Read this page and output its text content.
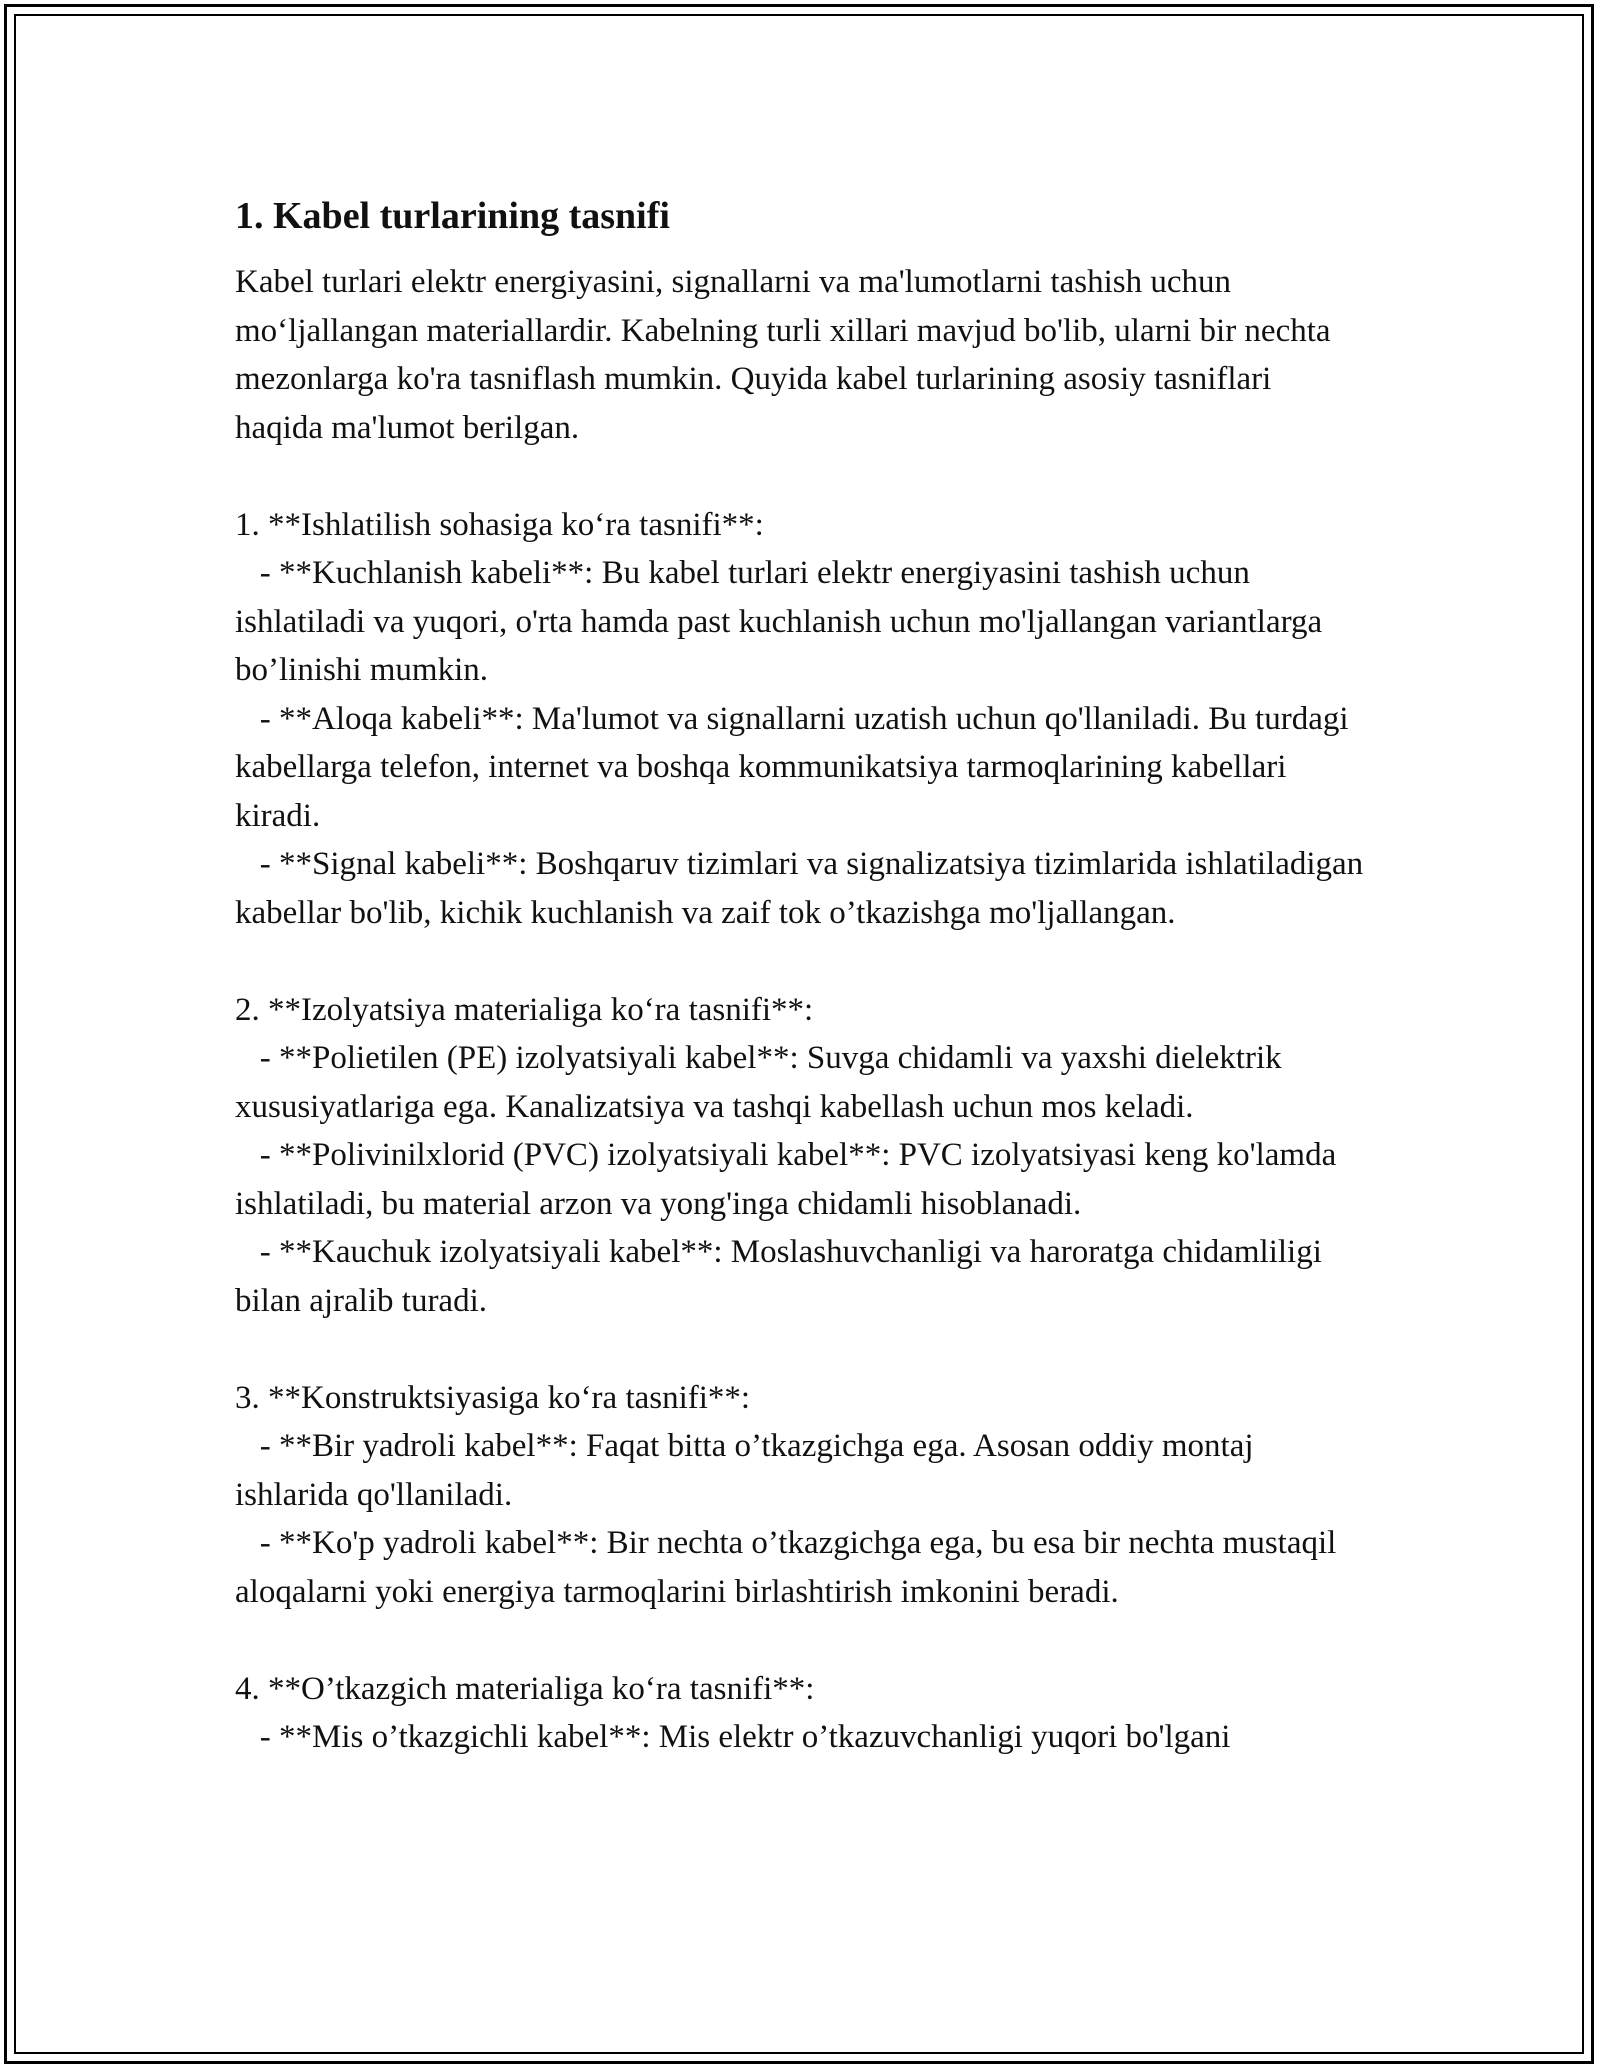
1. Kabel turlarining tasnifi

Kabel turlari elektr energiyasini, signallarni va ma'lumotlarni tashish uchun mo‘ljallangan materiallardir. Kabelning turli xillari mavjud bo'lib, ularni bir nechta mezonlarga ko'ra tasniflash mumkin. Quyida kabel turlarining asosiy tasniflari haqida ma'lumot berilgan.

1. **Ishlatilish sohasiga ko‘ra tasnifi**:
- **Kuchlanish kabeli**: Bu kabel turlari elektr energiyasini tashish uchun ishlatiladi va yuqori, o'rta hamda past kuchlanish uchun mo'ljallangan variantlarga bo’linishi mumkin.
- **Aloqa kabeli**: Ma'lumot va signallarni uzatish uchun qo'llaniladi. Bu turdagi kabellarga telefon, internet va boshqa kommunikatsiya tarmoqlarining kabellari kiradi.
- **Signal kabeli**: Boshqaruv tizimlari va signalizatsiya tizimlarida ishlatiladigan kabellar bo'lib, kichik kuchlanish va zaif tok o’tkazishga mo'ljallangan.

2. **Izolyatsiya materialiga ko‘ra tasnifi**:
- **Polietilen (PE) izolyatsiyali kabel**: Suvga chidamli va yaxshi dielektrik xususiyatlariga ega. Kanalizatsiya va tashqi kabellash uchun mos keladi.
- **Polivinilxlorid (PVC) izolyatsiyali kabel**: PVC izolyatsiyasi keng ko'lamda ishlatiladi, bu material arzon va yong'inga chidamli hisoblanadi.
- **Kauchuk izolyatsiyali kabel**: Moslashuvchanligi va haroratga chidamliligi bilan ajralib turadi.

3. **Konstruktsiyasiga ko‘ra tasnifi**:
- **Bir yadroli kabel**: Faqat bitta o’tkazgichga ega. Asosan oddiy montaj ishlarida qo'llaniladi.
- **Ko'p yadroli kabel**: Bir nechta o’tkazgichga ega, bu esa bir nechta mustaqil aloqalarni yoki energiya tarmoqlarini birlashtirish imkonini beradi.

4. **O’tkazgich materialiga ko‘ra tasnifi**:
- **Mis o’tkazgichli kabel**: Mis elektr o’tkazuvchanligi yuqori bo'lgani
